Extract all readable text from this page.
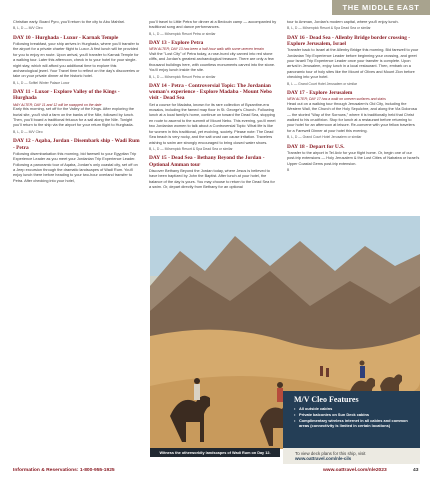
THE MIDDLE EAST
Christian early. Board Pyro, you'll return to the city to Abu Mahfari.
B, L, D — M/V Cleo
DAY 10 - Hurghada - Luxor - Karnak Temple
Following breakfast, your ship arrives in Hurghada, where you'll transfer to the airport for a private charter flight to Luxor. A first lunch will be provided for you to enjoy en route. Upon arrival, you'll transfer to Karnak Temple for a walking tour. Later this afternoon, check in to your hotel for your single-night stay, which will afford you additional time to explore this archaeological jewel. Your Travel time to reflect on the day's discoveries or take on your private dinner at the historic hotel.
B, L, D — Sofitel Winter Palace Luxor
DAY 11 - Luxor - Explore Valley of the Kings - Hurghada
MAY ALTER; DAY 11 and 12 will be swapped on the date
Early this morning, set off for the Valley of the Kings. After exploring the burial site, you'll visit a farm on the banks of the Nile, followed by lunch. Then, you'll board a traditional felucca for a sail along the Nile. Tonight you'll return to the ship via the airport for your return flight to Hurghada.
B, L, D — M/V Cleo
DAY 12 - Aqaba, Jordan - Disembark ship - Wadi Rum - Petra
Following disembarkation this morning, bid farewell to your Egyptian Trip Experience Leader as you meet your Jordanian Trip Experience Leader. Following a panoramic tour of Aqaba, Jordan's only coastal city, set off on a Jeep excursion through the dramatic landscapes of Wadi Rum. You'll enjoy lunch there before heading to your two-hour overland transfer to Petra. After checking into your hotel,
you'll travel to Little Petra for dinner at a Bedouin camp — accompanied by traditional song and dance performances.
B, L, D — Mövenpick Resort Petra or similar
DAY 13 - Explore Petra
NEW ALTER; DAY 13 has been a half-hour walk with some uneven terrain
Visit the "Lost City" of Petra today, a rose-hued city carved into red stone cliffs, and Jordan's greatest archaeological treasure. There are only a few thousand buildings here, with countless monuments carved into the stone. You'll enjoy lunch inside the site.
B, L, D — Mövenpick Resort Petra or similar
DAY 14 - Petra - Controversial Topic: The Jordanian woman's experience - Explore Madaba - Mount Nebo visit - Dead Sea
Set a course for Madaba, known for its rare collection of Byzantine-era mosaics, including the famed map floor in St. George's Church. Following lunch at a local family's home, continue on toward the Dead Sea, stopping en route to ascend to the summit of Mount Nebo. This evening, you'll meet two Jordanian women to talk about a Controversial Topic: What life is like for women in this traditional, yet evolving, society. Please note: The Dead Sea beach is very rocky, and the salt crust can cause irritation. Travelers wishing to swim are strongly encouraged to bring closed water shoes.
B, L, D — Mövenpick Resort & Spa Dead Sea or similar
DAY 15 - Dead Sea - Bethany Beyond the Jordan - Optional Amman tour
Discover Bethany Beyond the Jordan today, where Jesus is believed to have been baptized by John the Baptist. After lunch at your hotel, the balance of the day is yours. You may choose to return to the Dead Sea for a swim. Or, depart directly from Bethany for an optional
tour to Amman, Jordan's modern capital, where you'll enjoy lunch.
B, L, D — Mövenpick Resort & Spa Dead Sea or similar
DAY 16 - Dead Sea - Allenby Bridge border crossing - Explore Jerusalem, Israel
Transfer back to Israel at the Allenby Bridge this morning. Bid farewell to your Jordanian Trip Experience Leader before beginning your crossing, and greet your Israeli Trip Experience Leader once your transfer is complete. Upon arrival in Jerusalem, enjoy lunch in a local restaurant. Then, embark on a panoramic tour of holy sites like the Mount of Olives and Mount Zion before checking into your hotel.
B, L — Grand Court Hotel Jerusalem or similar
DAY 17 - Explore Jerusalem
NEW ALTER; DAY 17 has a walk on uneven surfaces and stairs
Head out on a walking tour through Jerusalem's Old City, including the Western Wall, the Church of the Holy Sepulchre, and along the Via Dolorosa — the storied "Way of the Sorrows," where it is traditionally held that Christ walked to his crucifixion. Stop for lunch at a restaurant before returning to your hotel for an afternoon at leisure. Re-convene with your fellow travelers for a Farewell Dinner at your hotel this evening.
B, L, D — Grand Court Hotel Jerusalem or similar
DAY 18 - Depart for U.S.
Transfer to the airport in Tel Aviv for your flight home. Or, begin one of our post-trip extensions — Holy Jerusalem & the Lost Cities of Nabatea or Israel's Upper Coastal Gems post-trip extension.
B
Witness the otherworldly landscapes of Wadi Rum on Day 12.
M/V Cleo Features
• All outside cabins
• Private balconies on Sun Deck cabins
• Complimentary wireless internet in all cabins and common areas (connectivity is limited in certain locations)
To view deck plans for this ship, visit
www.oattravel.com/nle-cils
Information & Reservations: 1-800-955-1925	www.oattravel.com/nle2023	43
